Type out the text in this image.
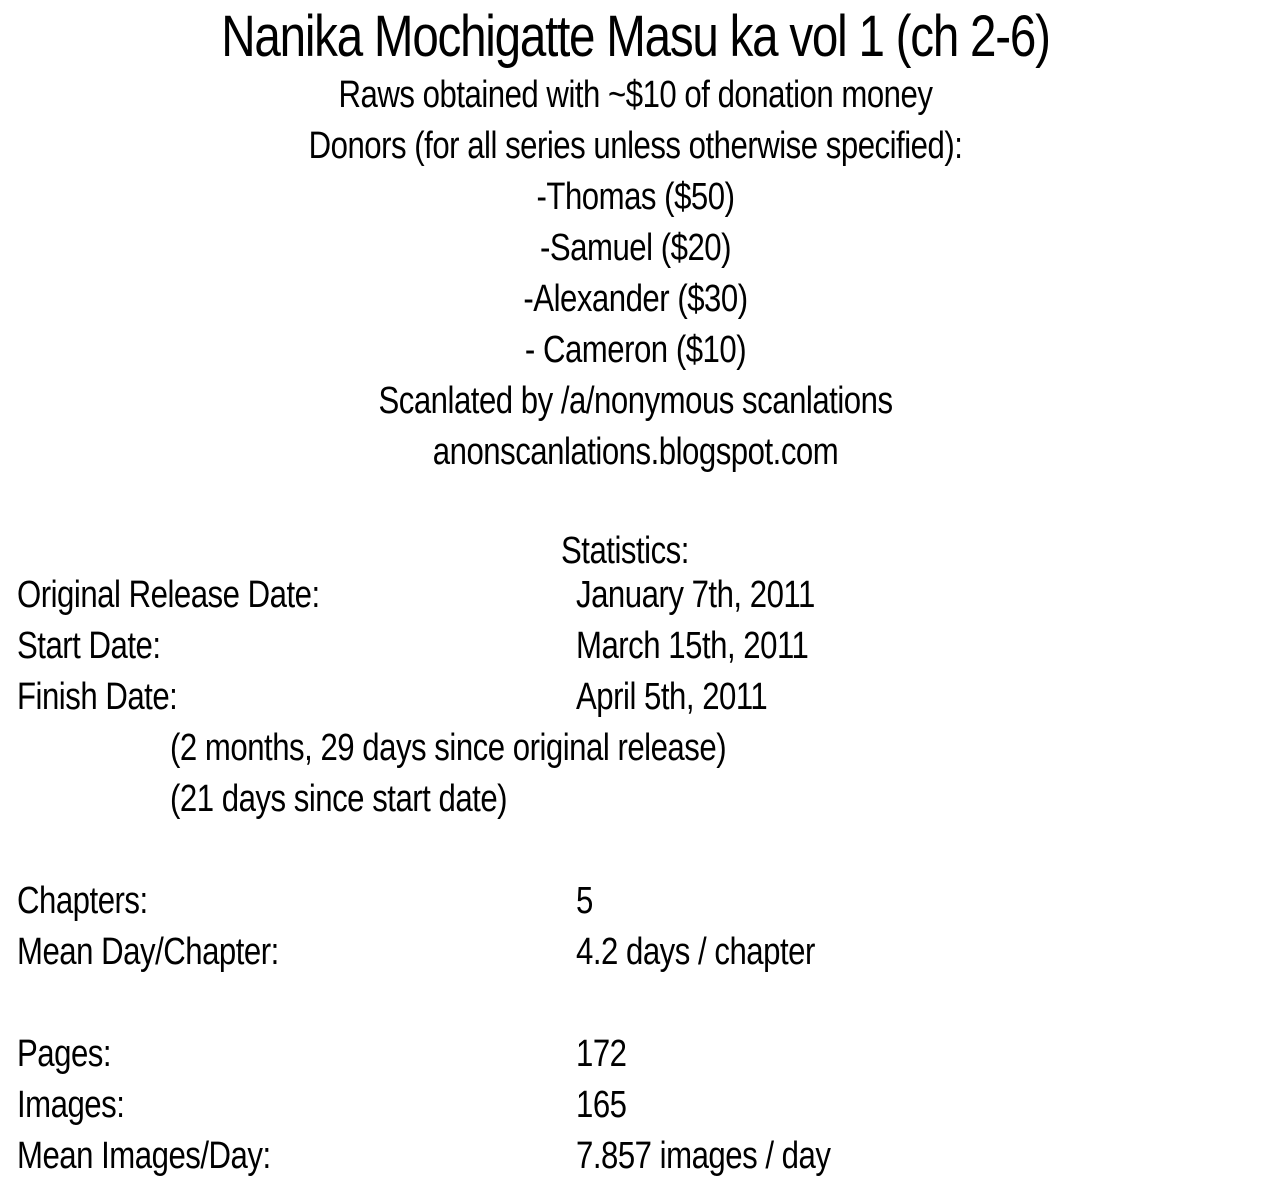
Nanika Mochigatte Masu ka vol 1 (ch 2-6)
Raws obtained with ~$10 of donation money
Donors (for all series unless otherwise specified):
-Thomas ($50)
-Samuel ($20)
-Alexander ($30)
- Cameron ($10)
Scanlated by /a/nonymous scanlations
anonscanlations.blogspot.com
Statistics:
Original Release Date:	January 7th, 2011
Start Date:	March 15th, 2011
Finish Date:	April 5th, 2011
(2 months, 29 days since original release)
(21 days since start date)
Chapters:	5
Mean Day/Chapter:	4.2 days / chapter
Pages:	172
Images:	165
Mean Images/Day:	7.857 images / day
